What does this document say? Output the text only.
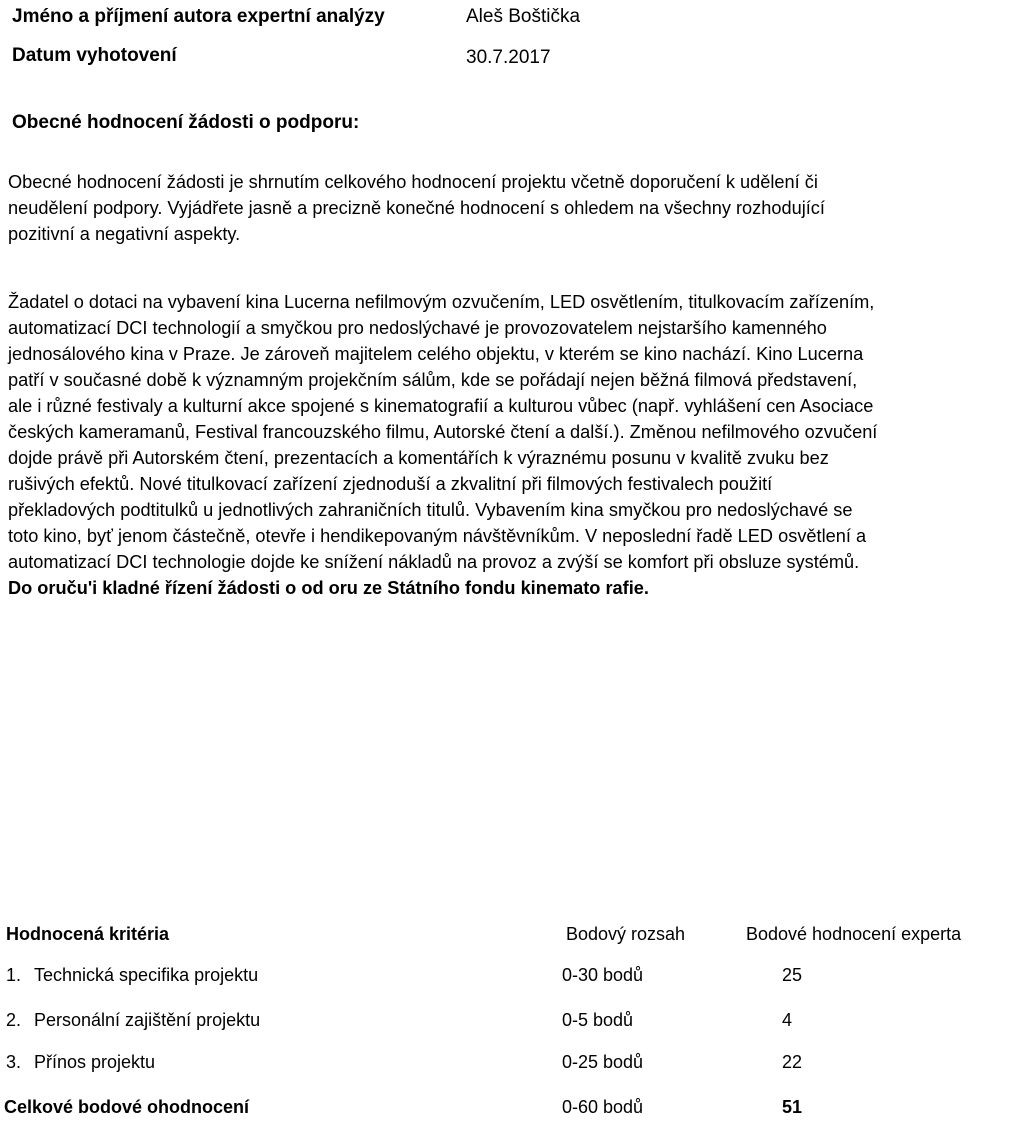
Jméno a příjmení autora expertní analýzy	Aleš Boštička
Datum vyhotovení	30.7.2017
Obecné hodnocení žádosti o podporu:

Obecné hodnocení žádosti je shrnutím celkového hodnocení projektu včetně doporučení k udělení či

neudělení podpory. Vyjádřete jasně a precizně konečné hodnocení s ohledem na všechny rozhodující

pozitivní a negativní aspekty.

Žadatel o dotaci na vybavení kina Lucerna nefilmovým ozvučením, LED osvětlením, titulkovacím zařízením,

automatizací DCI technologií a smyčkou pro nedoslýchavé je provozovatelem nejstaršího kamenného

jednosálového kina v Praze. Je zároveň majitelem celého objektu, v kterém se kino nachází. Kino Lucerna

patří v současné době k významným projekčním sálům, kde se pořádají nejen běžná filmová představení,

ale i různé festivaly a kulturní akce spojené s kinematografií a kulturou vůbec (např. vyhlášení cen Asociace

českých kameramanů, Festival francouzského filmu, Autorské čtení a další.). Změnou nefilmového ozvučení

dojde právě při Autorském čtení, prezentacích a komentářích k výraznému posunu v kvalitě zvuku bez

rušivých efektů. Nové titulkovací zařízení zjednoduší a zkvalitní při filmových festivalech použití

překladových podtitulků u jednotlivých zahraničních titulů. Vybavením kina smyčkou pro nedoslýchavé se

toto kino, byť jenom částečně, otevře i hendikepovaným návštěvníkům. V neposlední řadě LED osvětlení a

automatizací DCI technologie dojde ke snížení nákladů na provoz a zvýší se komfort při obsluze systémů.

Do oruču'i kladné řízení žádosti o od oru ze Státního fondu kinemato rafie.

Hodnocená kritéria	Bodový rozsah	Bodové hodnocení experta
1. Technická specifika projektu	0-30 bodů	25
2. Personální zajištění projektu	0-5 bodů	4
3. Přínos projektu	0-25 bodů	22
Celkové bodové ohodnocení	0-60 bodů	51
